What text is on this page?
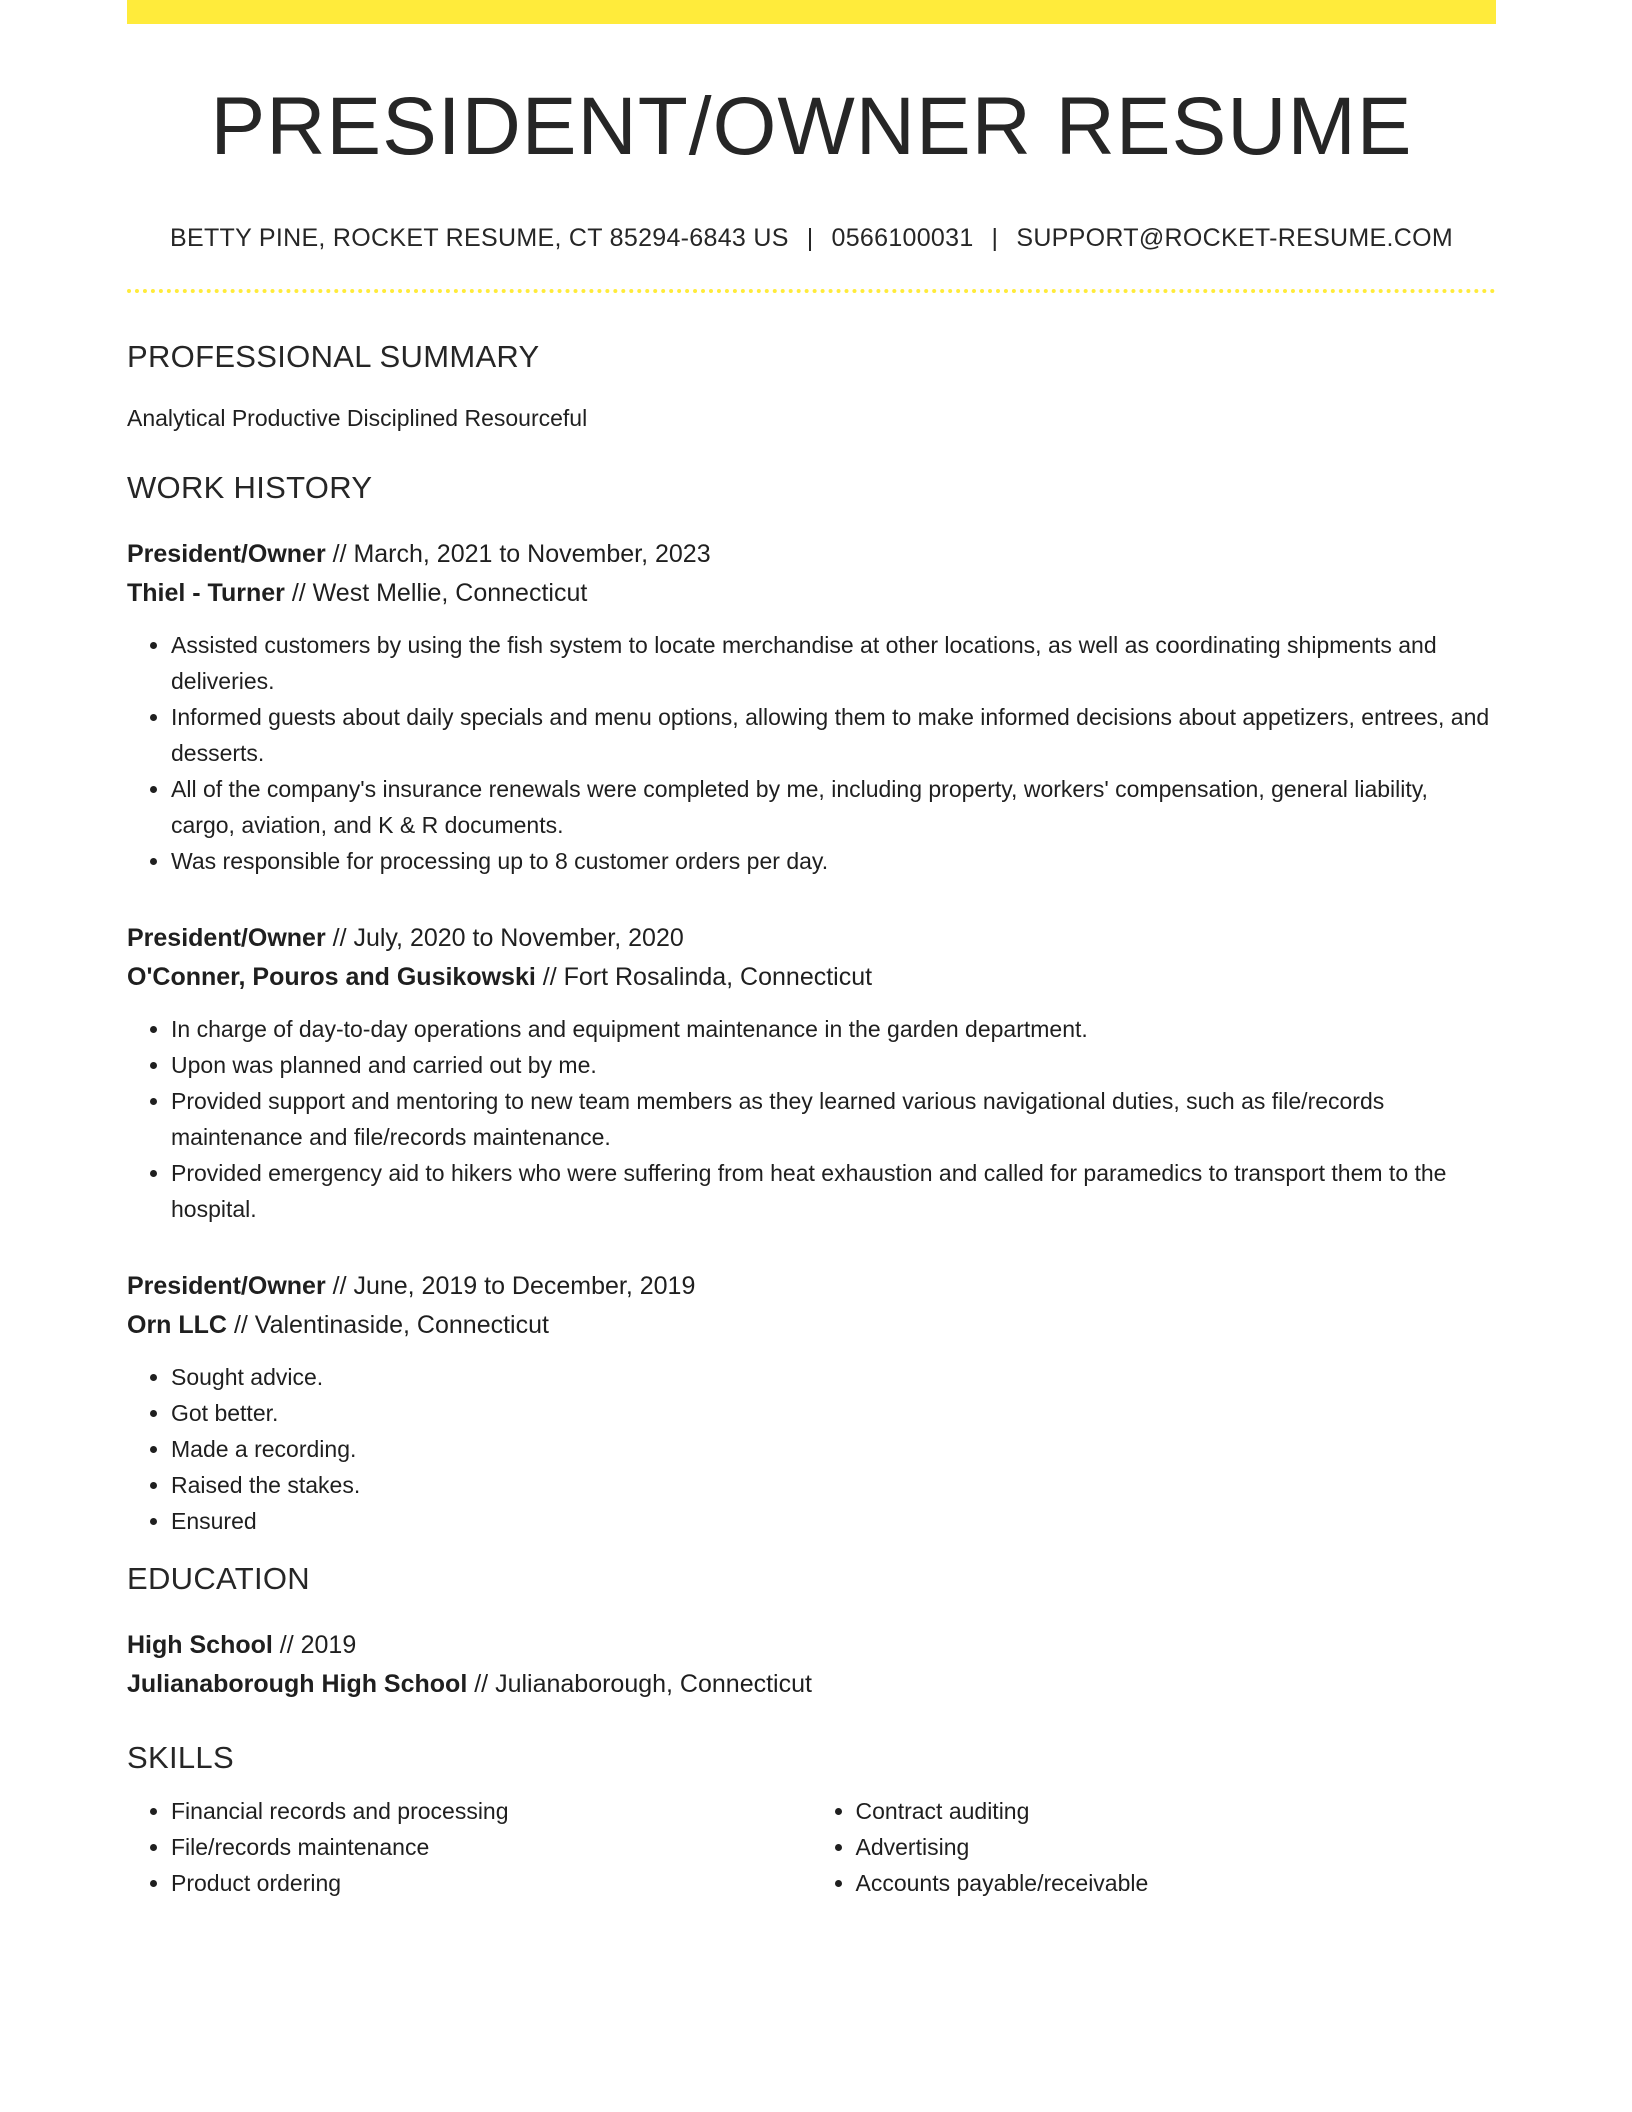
PRESIDENT/OWNER RESUME
BETTY PINE, ROCKET RESUME, CT 85294-6843 US | 0566100031 | SUPPORT@ROCKET-RESUME.COM
PROFESSIONAL SUMMARY
Analytical Productive Disciplined Resourceful
WORK HISTORY
President/Owner // March, 2021 to November, 2023
Thiel - Turner // West Mellie, Connecticut
• Assisted customers by using the fish system to locate merchandise at other locations, as well as coordinating shipments and deliveries.
• Informed guests about daily specials and menu options, allowing them to make informed decisions about appetizers, entrees, and desserts.
• All of the company's insurance renewals were completed by me, including property, workers' compensation, general liability, cargo, aviation, and K & R documents.
• Was responsible for processing up to 8 customer orders per day.
President/Owner // July, 2020 to November, 2020
O'Conner, Pouros and Gusikowski // Fort Rosalinda, Connecticut
• In charge of day-to-day operations and equipment maintenance in the garden department.
• Upon was planned and carried out by me.
• Provided support and mentoring to new team members as they learned various navigational duties, such as file/records maintenance and file/records maintenance.
• Provided emergency aid to hikers who were suffering from heat exhaustion and called for paramedics to transport them to the hospital.
President/Owner // June, 2019 to December, 2019
Orn LLC // Valentinaside, Connecticut
• Sought advice.
• Got better.
• Made a recording.
• Raised the stakes.
• Ensured
EDUCATION
High School // 2019
Julianaborough High School // Julianaborough, Connecticut
SKILLS
• Financial records and processing
• File/records maintenance
• Product ordering
• Contract auditing
• Advertising
• Accounts payable/receivable
